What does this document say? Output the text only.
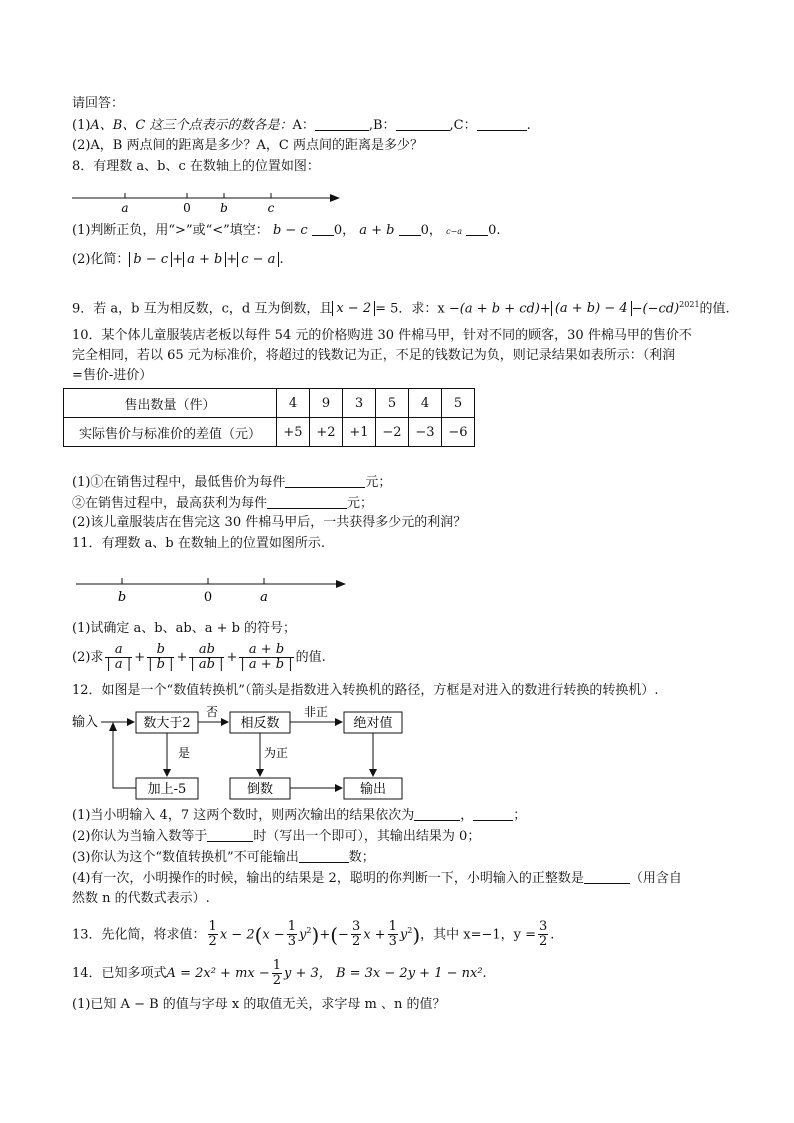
请回答：
(1)A、B、C 这三个点表示的数各是：A：	,B：	,C：	.
(2)A，B 两点间的距离是多少？A，C 两点间的距离是多少？
8．有理数 a、b、c 在数轴上的位置如图：
a	0 b	c
(1)判断正负，用“>”或“<”填空： b − c 0， a + b 0， c−a 0.
(2)化简： b − c + a + b + c − a .
9．若 a，b 互为相反数，c，d 互为倒数，且 x − 2 = 5．求：$x -(a + b + cd)+ (a + b) - 4 -(-cd)^{2021}$的值.
10．某个体儿童服装店老板以每件 54 元的价格购进 30 件棉马甲，针对不同的顾客，30 件棉马甲的售价不
完全相同，若以 65 元为标准价，将超过的钱数记为正，不足的钱数记为负，则记录结果如表所示：（利润
=售价-进价）
售出数量（件）	4	9	3	5	4	5
实际售价与标准价的差值（元）	+5	+2	+1	−2	−3	−6
(1)①在销售过程中，最低售价为每件	元；
②在销售过程中，最高获利为每件	元；
(2)该儿童服装店在售完这 30 件棉马甲后，一共获得多少元的利润？
11．有理数 a、b 在数轴上的位置如图所示.
b	0	a
(1)试确定 a、b、ab、a + b 的符号；
(2)求 $\frac{a}{| a |} + \frac{b}{| b |} + \frac{ab}{| ab |} + \frac{a + b}{| a + b |}$ 的值.
12．如图是一个“数值转换机”（箭头是指数进入转换机的路径，方框是对进入的数进行转换的转换机）.
输入	数大于2
否
相反数
非正
绝对值
是	为正
加上-5	倒数	输出
(1)当小明输入 4，7 这两个数时，则两次输出的结果依次为	，	；
(2)你认为当输入数等于	时（写出一个即可），其输出结果为 0；
(3)你认为这个“数值转换机”不可能输出	数；
(4)有一次，小明操作的时候，输出的结果是 2，聪明的你判断一下，小明输入的正整数是	（用含自
然数 n 的代数式表示）.
13．先化简，将求值： $\frac{1}{2}$ $x - 2(x - \frac{1}{3} y^2)+(- \frac{3}{2}$ $x + \frac{1}{3} y^2$)，其中 x=−1，$y = \frac{3}{2}$ .
14．已知多项式A = 2x² + mx − $\frac{1}{2}$ y + 3， B = 3x − 2y + 1 − nx².
(1)已知 A − B 的值与字母 x 的取值无关，求字母 m 、n 的值？
